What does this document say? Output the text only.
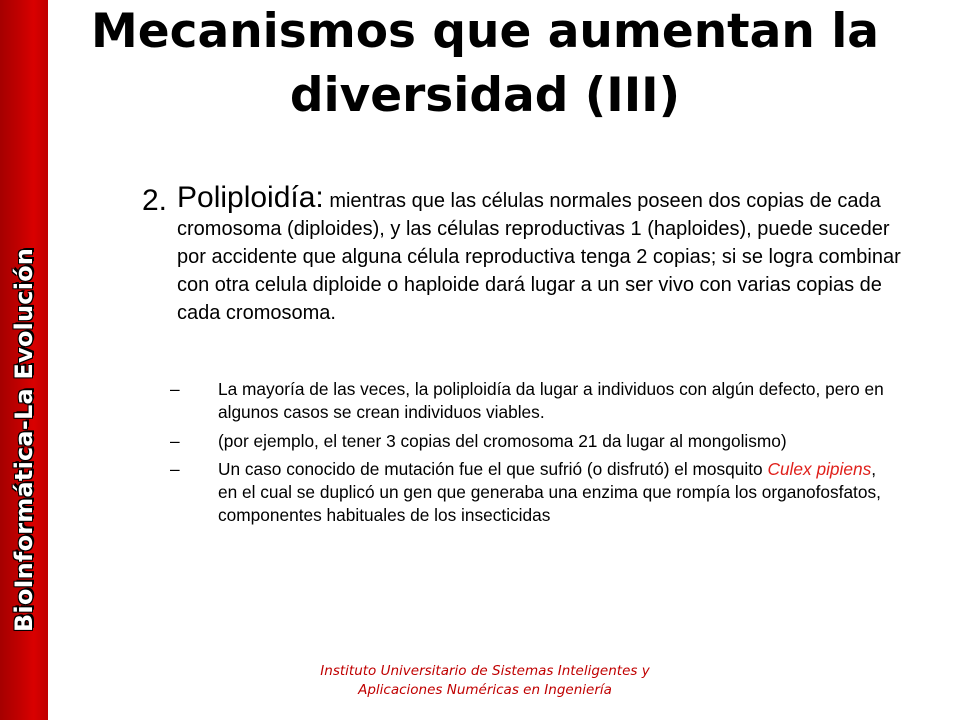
BioInformática-La Evolución
Mecanismos que aumentan la
diversidad (III)
2. Poliploidía: mientras que las células normales poseen dos copias de cada cromosoma (diploides), y las células reproductivas 1 (haploides), puede suceder por accidente que alguna célula reproductiva tenga 2 copias; si se logra combinar con otra celula diploide o haploide dará lugar a un ser vivo con varias copias de cada cromosoma.
– La mayoría de las veces, la poliploidía da lugar a individuos con algún defecto, pero en algunos casos se crean individuos viables.
– (por ejemplo, el tener 3 copias del cromosoma 21 da lugar al mongolismo)
– Un caso conocido de mutación fue el que sufrió (o disfrutó) el mosquito Culex pipiens, en el cual se duplicó un gen que generaba una enzima que rompía los organofosfatos, componentes habituales de los insecticidas
Instituto Universitario de Sistemas Inteligentes y
Aplicaciones Numéricas en Ingeniería
